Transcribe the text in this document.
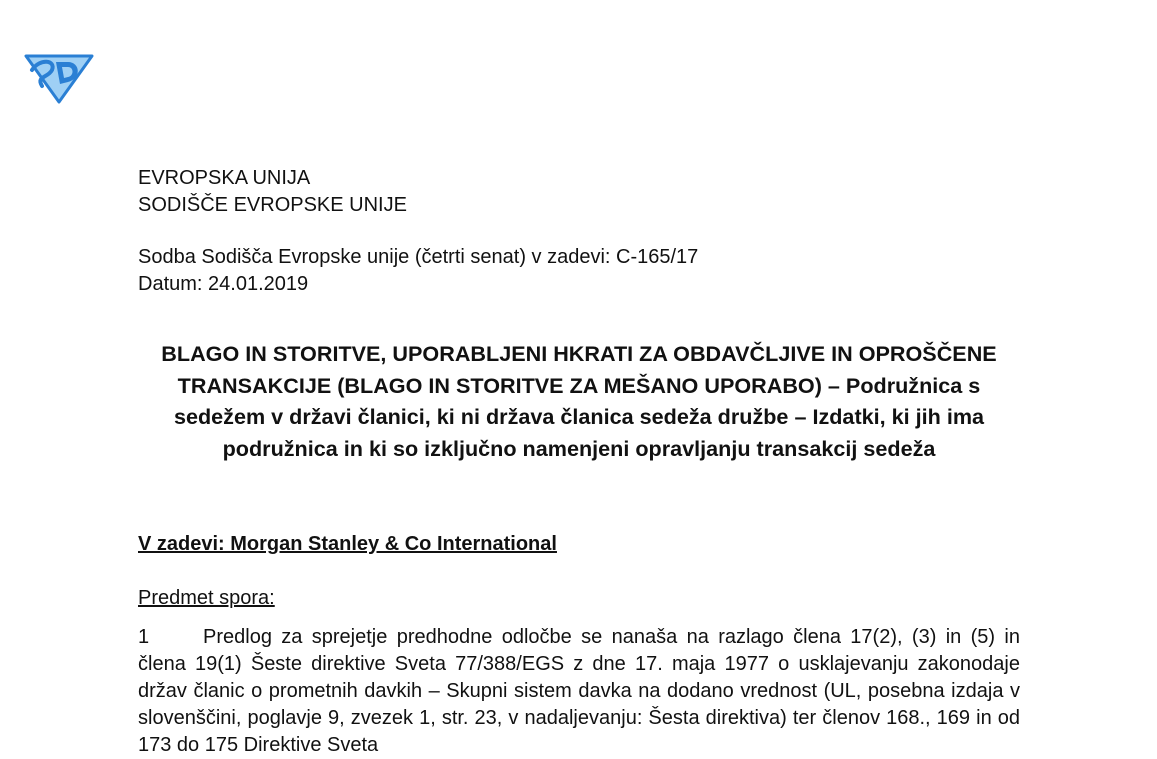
EVROPSKA UNIJA
SODIŠČE EVROPSKE UNIJE
Sodba Sodišča Evropske unije (četrti senat) v zadevi: C-165/17
Datum: 24.01.2019
BLAGO IN STORITVE, UPORABLJENI HKRATI ZA OBDAVČLJIVE IN OPROŠČENE TRANSAKCIJE (BLAGO IN STORITVE ZA MEŠANO UPORABO) – Podružnica s sedežem v državi članici, ki ni država članica sedeža družbe – Izdatki, ki jih ima podružnica in ki so izključno namenjeni opravljanju transakcij sedeža
V zadevi: Morgan Stanley & Co International
Predmet spora:
1	Predlog za sprejetje predhodne odločbe se nanaša na razlago člena 17(2), (3) in (5) in člena 19(1) Šeste direktive Sveta 77/388/EGS z dne 17. maja 1977 o usklajevanju zakonodaje držav članic o prometnih davkih – Skupni sistem davka na dodano vrednost (UL, posebna izdaja v slovenščini, poglavje 9, zvezek 1, str. 23, v nadaljevanju: Šesta direktiva) ter členov 168., 169 in od 173 do 175 Direktive Sveta
